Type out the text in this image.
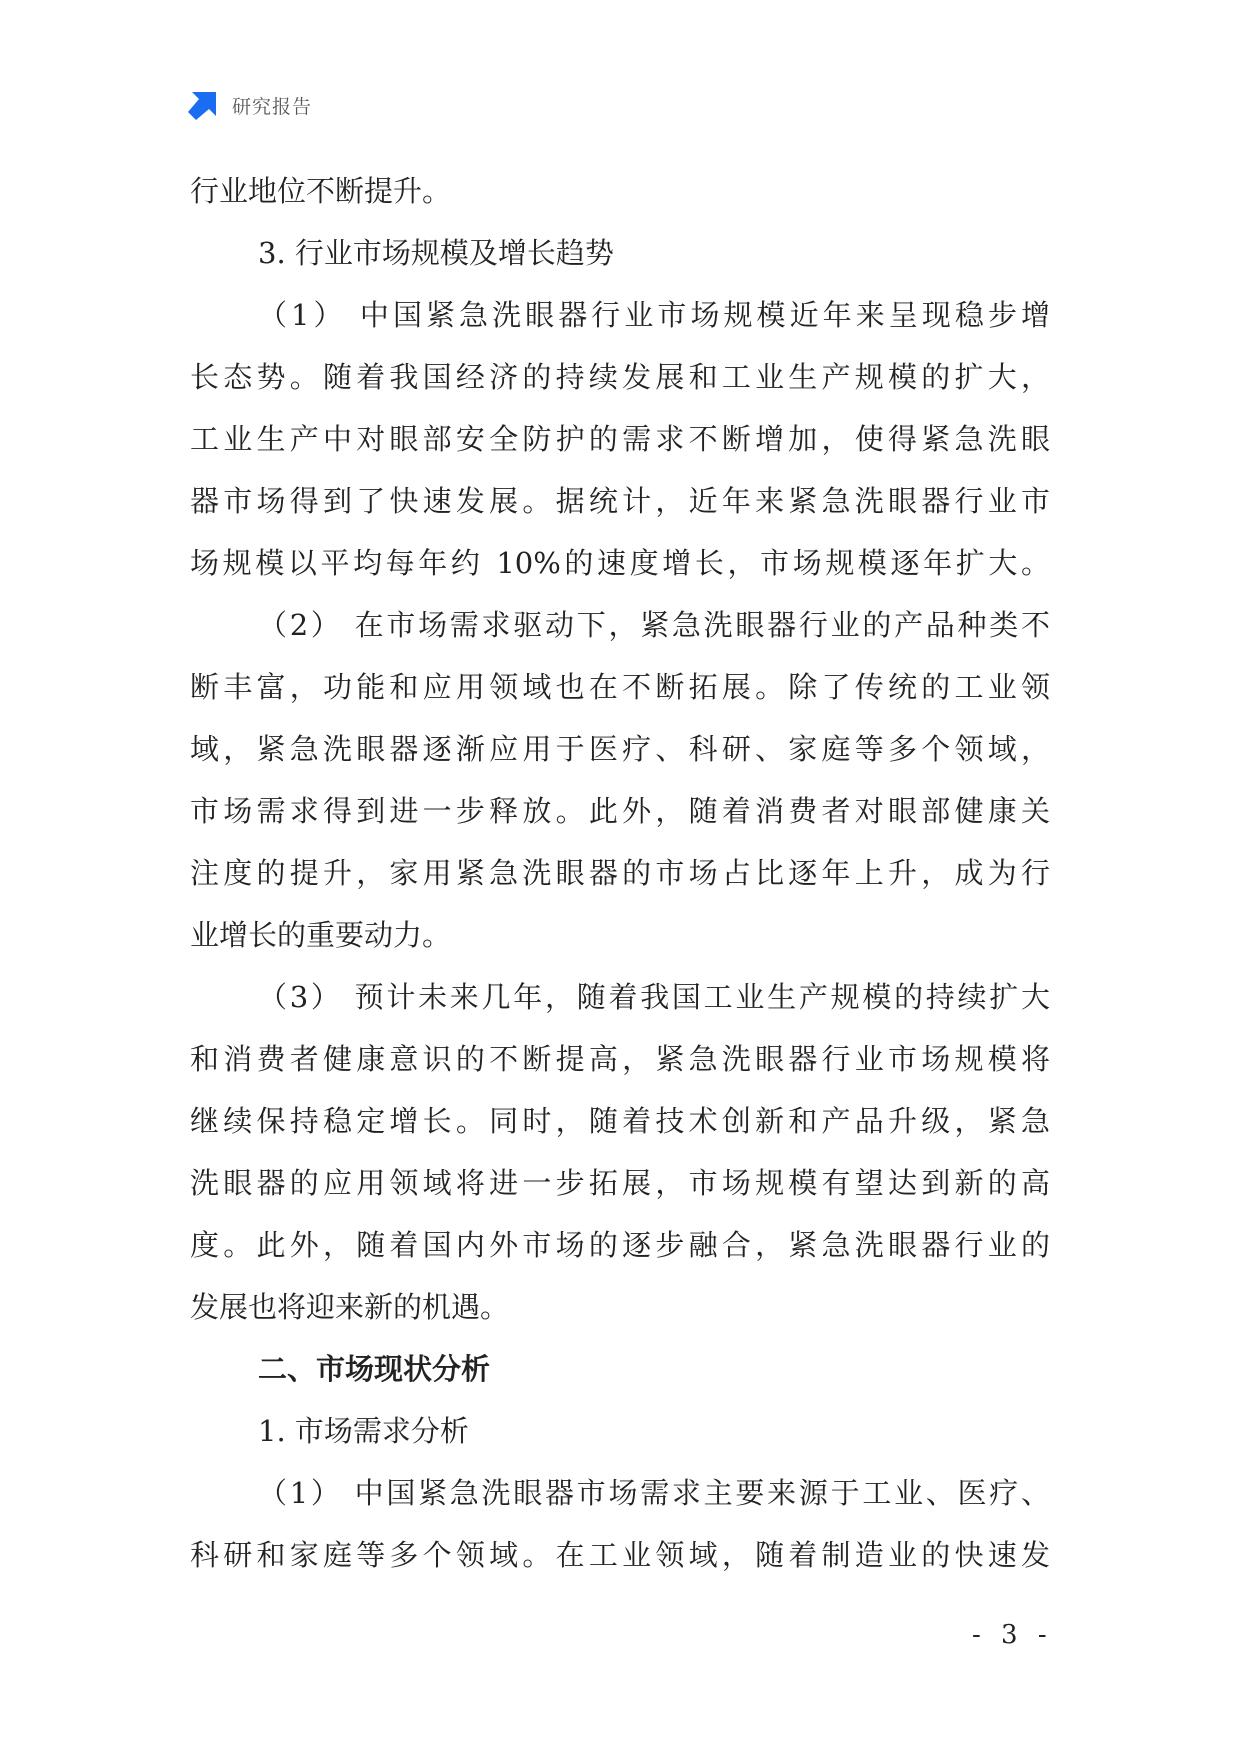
研究报告
行业地位不断提升。
3. 行业市场规模及增长趋势
（1） 中国紧急洗眼器行业市场规模近年来呈现稳步增
长态势。随着我国经济的持续发展和工业生产规模的扩大，
工业生产中对眼部安全防护的需求不断增加，使得紧急洗眼
器市场得到了快速发展。据统计，近年来紧急洗眼器行业市
场规模以平均每年约 10%的速度增长，市场规模逐年扩大。
（2） 在市场需求驱动下，紧急洗眼器行业的产品种类不
断丰富，功能和应用领域也在不断拓展。除了传统的工业领
域，紧急洗眼器逐渐应用于医疗、科研、家庭等多个领域，
市场需求得到进一步释放。此外，随着消费者对眼部健康关
注度的提升，家用紧急洗眼器的市场占比逐年上升，成为行
业增长的重要动力。
（3） 预计未来几年，随着我国工业生产规模的持续扩大
和消费者健康意识的不断提高，紧急洗眼器行业市场规模将
继续保持稳定增长。同时，随着技术创新和产品升级，紧急
洗眼器的应用领域将进一步拓展，市场规模有望达到新的高
度。此外，随着国内外市场的逐步融合，紧急洗眼器行业的
发展也将迎来新的机遇。
二、市场现状分析
1. 市场需求分析
（1） 中国紧急洗眼器市场需求主要来源于工业、医疗、
科研和家庭等多个领域。在工业领域，随着制造业的快速发
- 3 -
